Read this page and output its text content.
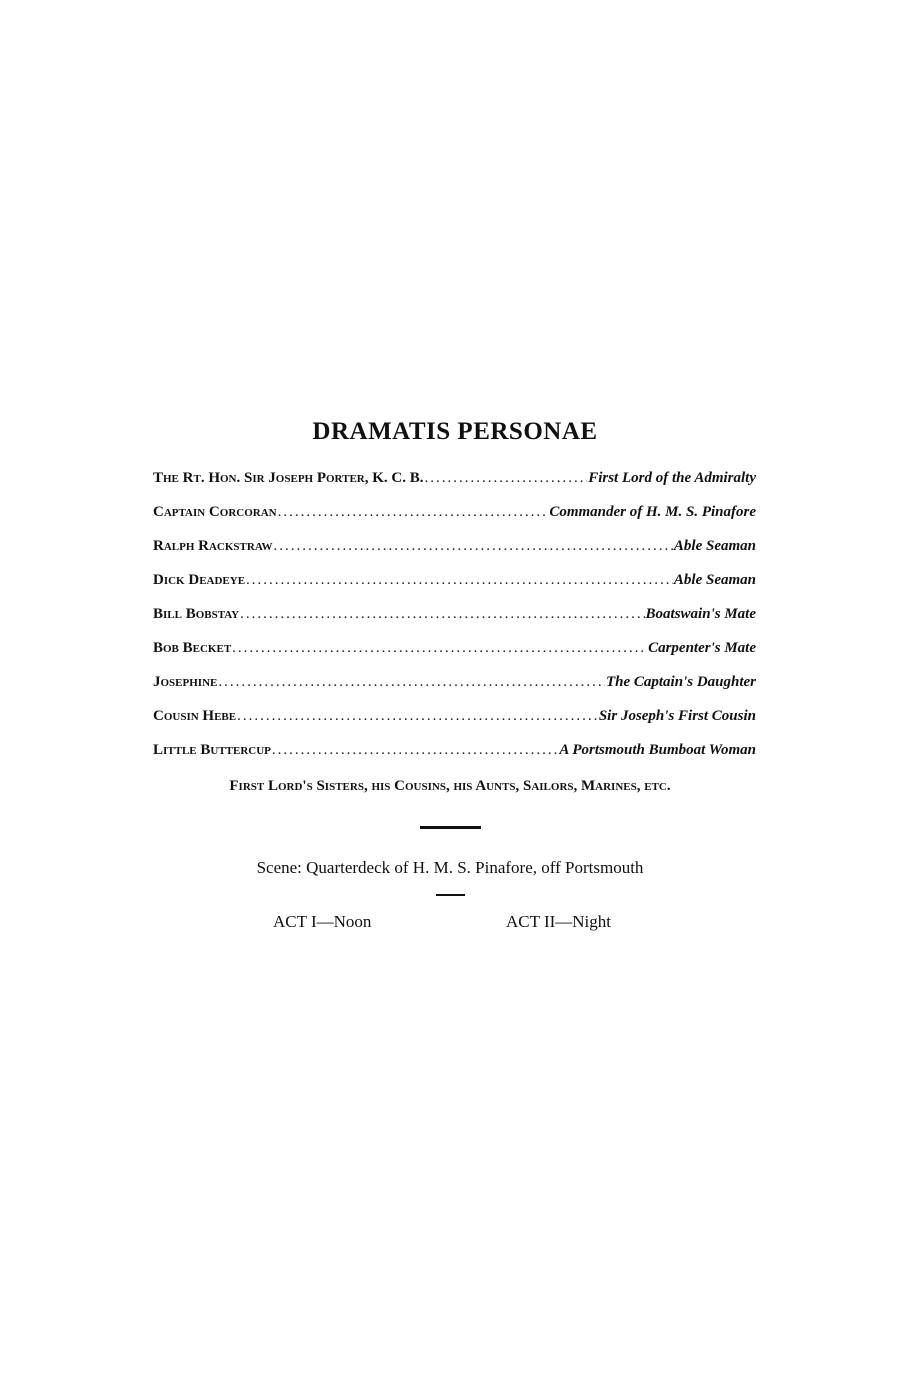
DRAMATIS PERSONAE
The Rt. Hon. Sir Joseph Porter, K. C. B. .....	First Lord of the Admiralty
Captain Corcoran .....	Commander of H. M. S. Pinafore
Ralph Rackstraw .....	Able Seaman
Dick Deadeye .....	Able Seaman
Bill Bobstay .....	Boatswain's Mate
Bob Becket .....	Carpenter's Mate
Josephine .....	The Captain's Daughter
Cousin Hebe .....	Sir Joseph's First Cousin
Little Buttercup .....	A Portsmouth Bumboat Woman
First Lord's Sisters, his Cousins, his Aunts, Sailors, Marines, etc.
Scene: Quarterdeck of H. M. S. Pinafore, off Portsmouth
ACT I—Noon	ACT II—Night
